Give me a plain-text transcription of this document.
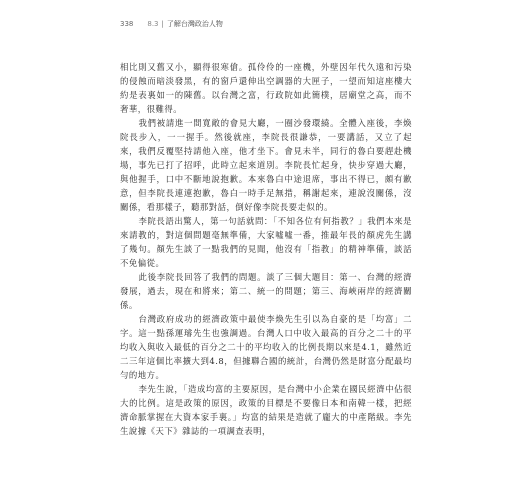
338 8.3 | 了解台灣政治人物

相比則又舊又小，顯得很寒傖。孤伶伶的一座機，外壁因年代久遠和污染的侵蝕而暗淡發黑，有的窗戶還伸出空調器的大匣子，一望而知這座樓大約是表裏如一的陳舊。以台灣之富，行政院如此簡樸，居廟堂之高，而不奢華，很難得。

我們被請進一間寬敞的會見大廳，一圈沙發環繞。全體入座後，李煥院長步入，一一握手。然後就座，李院長很謙恭，一要講話，又立了起來，我們反覆堅持請他入座，他才坐下。會見未半，同行的魯白要趕赴機場，事先已打了招呼，此時立起來道別。李院長忙起身，快步穿過大廳，與他握手，口中不斷地說抱歉。本來魯白中途退席，事出不得已，頗有歉意，但李院長連連抱歉，魯白一時手足無措，稱謝起來，連說沒關係，沒關係，看那樣子，聽那對話，倒好像李院長要走似的。

李院長語出驚人，第一句話就問：「不知各位有何指教？」我們本來是來請教的，對這個問題毫無準備，大家噓噓一番，推最年長的顏虎先生講了幾句。顏先生談了一點我們的見聞，他沒有「指教」的精神準備，談話不免偏從。

此後李院長回答了我們的問題。談了三個大題目：第一、台灣的經濟發展，過去，現在和將來；第二、統一的問題；第三、海峽兩岸的經濟關係。

台灣政府成功的經濟政策中最使李煥先生引以為自豪的是「均富」二字。這一點孫運璿先生也強調過。台灣人口中收入最高的百分之二十的平均收入與收入最低的百分之二十的平均收入的比例長期以來是4.1，雖然近二三年這個比率擴大到4.8，但據聯合國的統計，台灣仍然是財富分配最均勻的地方。

李先生說，「造成均富的主要原因，是台灣中小企業在國民經濟中佔很大的比例。這是政策的原因，政策的目標是不要像日本和南韓一樣，把經濟命脈掌握在大資本家手裏。」均富的結果是造就了龐大的中產階級。李先生說據《天下》雜誌的一項調查表明，
